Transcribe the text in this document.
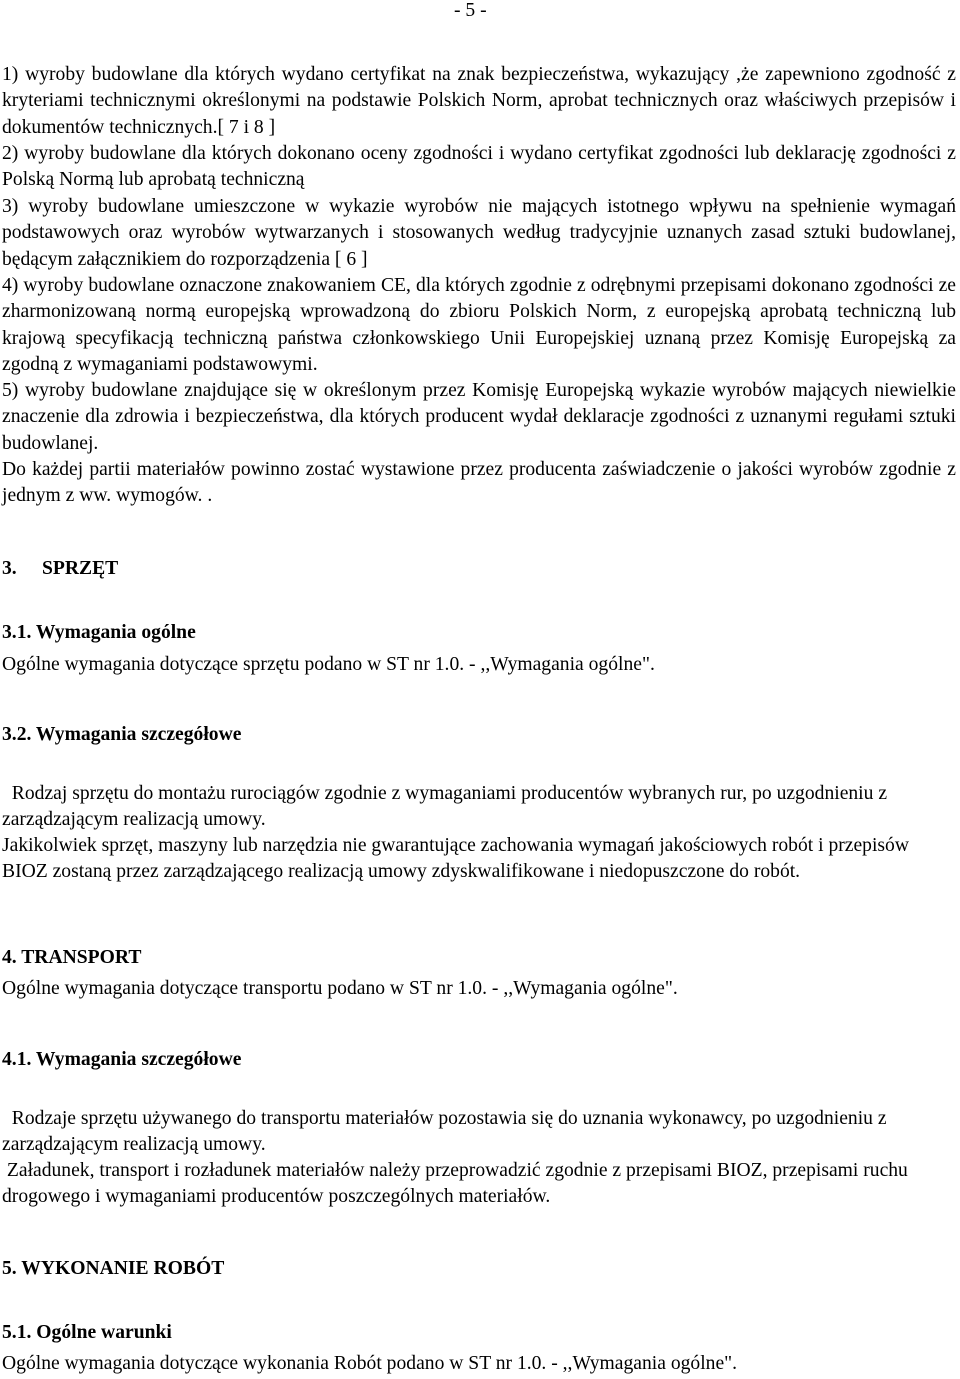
- 5 -

1) wyroby budowlane dla których wydano certyfikat na znak bezpieczeństwa, wykazujący ,że zapewniono zgodność z kryteriami technicznymi określonymi na podstawie Polskich Norm, aprobat technicznych oraz właściwych przepisów i dokumentów technicznych.[ 7 i 8 ]

2) wyroby budowlane dla których dokonano oceny zgodności i wydano certyfikat zgodności lub deklarację zgodności z Polską Normą lub aprobatą techniczną

3) wyroby budowlane umieszczone w wykazie wyrobów nie mających istotnego wpływu na spełnienie wymagań podstawowych oraz wyrobów wytwarzanych i stosowanych według tradycyjnie uznanych zasad sztuki budowlanej, będącym załącznikiem do rozporządzenia [ 6 ]

4) wyroby budowlane oznaczone znakowaniem CE, dla których zgodnie z odrębnymi przepisami dokonano zgodności ze zharmonizowaną normą europejską wprowadzoną do zbioru Polskich Norm, z europejską aprobatą techniczną lub krajową specyfikacją techniczną państwa członkowskiego Unii Europejskiej uznaną przez Komisję Europejską za zgodną z wymaganiami podstawowymi.

5) wyroby budowlane znajdujące się w określonym przez Komisję Europejską wykazie wyrobów mających niewielkie znaczenie dla zdrowia i bezpieczeństwa, dla których producent wydał deklaracje zgodności z uznanymi regułami sztuki budowlanej.

Do każdej partii materiałów powinno zostać wystawione przez producenta zaświadczenie o jakości wyrobów zgodnie z jednym z ww. wymogów. .

3. SPRZĘT
3.1. Wymagania ogólne

Ogólne wymagania dotyczące sprzętu podano w ST nr 1.0. - ,,Wymagania ogólne".

3.2. Wymagania szczegółowe

Rodzaj sprzętu do montażu rurociągów zgodnie z wymaganiami producentów wybranych rur, po uzgodnieniu z zarządzającym realizacją umowy.

Jakikolwiek sprzęt, maszyny lub narzędzia nie gwarantujące zachowania wymagań jakościowych robót i przepisów BIOZ zostaną przez zarządzającego realizacją umowy zdyskwalifikowane i niedopuszczone do robót.

4. TRANSPORT

Ogólne wymagania dotyczące transportu podano w ST nr 1.0. - ,,Wymagania ogólne".

4.1. Wymagania szczegółowe

Rodzaje sprzętu używanego do transportu materiałów pozostawia się do uznania wykonawcy, po uzgodnieniu z zarządzającym realizacją umowy.

Załadunek, transport i rozładunek materiałów należy przeprowadzić zgodnie z przepisami BIOZ, przepisami ruchu drogowego i wymaganiami producentów poszczególnych materiałów.

5. WYKONANIE ROBÓT
5.1. Ogólne warunki

Ogólne wymagania dotyczące wykonania Robót podano w ST nr 1.0. - ,,Wymagania ogólne".
